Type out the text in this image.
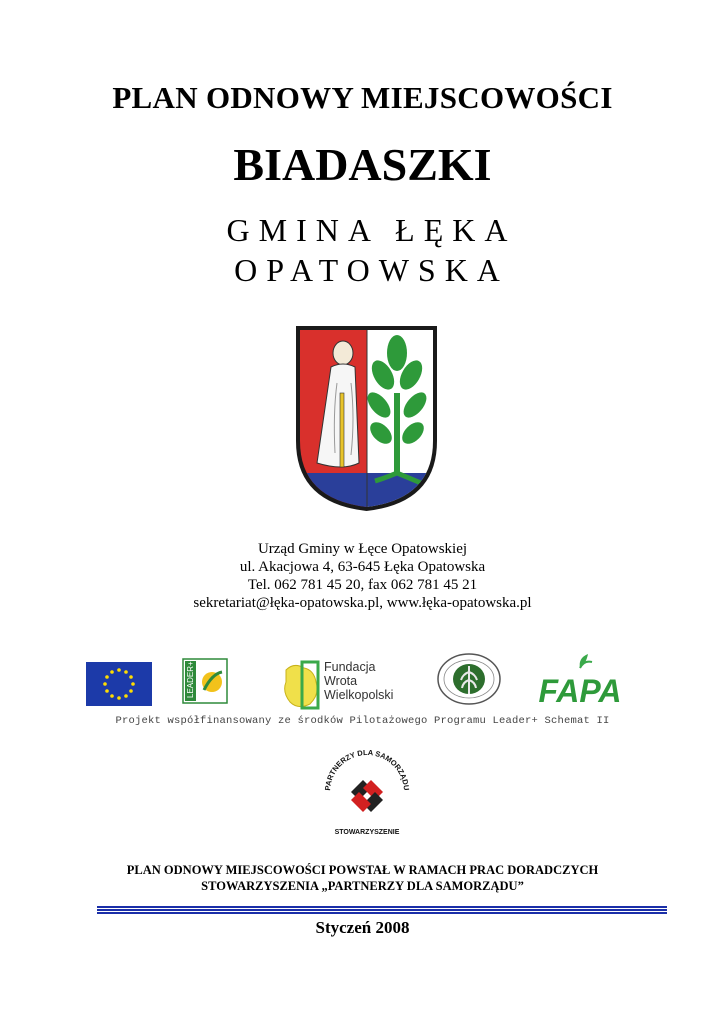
PLAN ODNOWY MIEJSCOWOŚCI
BIADASZKI
GMINA ŁĘKA
OPATOWSKA
Urząd Gminy w Łęce Opatowskiej
ul. Akacjowa 4, 63-645 Łęka Opatowska
Tel. 062 781 45 20, fax 062 781 45 21
sekretariat@łęka-opatowska.pl, www.łęka-opatowska.pl
LEADER+	Fundacja
Wrota
Wielkopolski	FAPA
Projekt współfinansowany ze środków Pilotażowego Programu Leader+ Schemat II
PARTNERZY DLA SAMORZĄDU
STOWARZYSZENIE
PLAN ODNOWY MIEJSCOWOŚCI POWSTAŁ W RAMACH PRAC DORADCZYCH
STOWARZYSZENIA „PARTNERZY DLA SAMORZĄDU”
Styczeń 2008
